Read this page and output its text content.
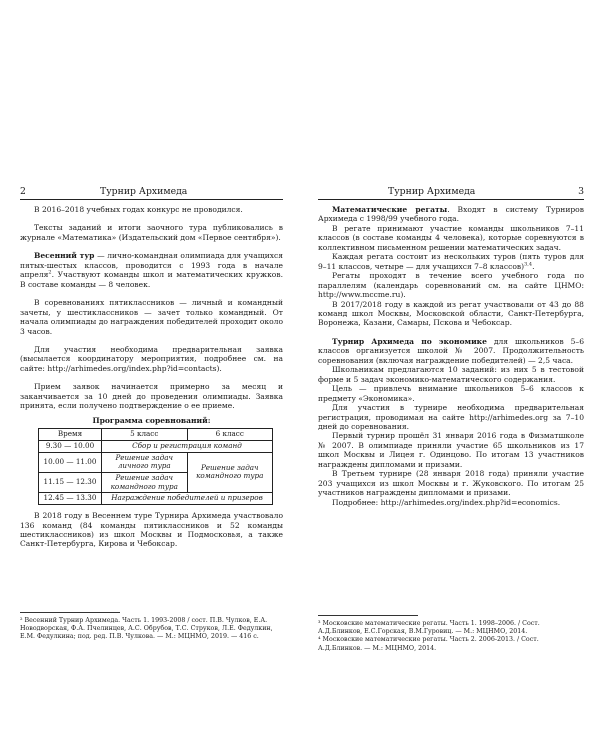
2	Турнир Архимеда

В 2016–2018 учебных годах конкурс не проводился.

Тексты заданий и итоги заочного тура публиковались в журнале «Математика» (Издательский дом «Первое сентября»).

Весенний тур — лично-командная олимпиада для учащихся пятых-шестых классов, проводится с 1993 года в начале апреля$^2$. Участвуют команды школ и математических кружков. В составе команды — 8 человек.

В соревнованиях пятиклассников — личный и командный зачеты, у шестиклассников — зачет только командный. От начала олимпиады до награждения победителей проходит около 3 часов.

Для участия необходима предварительная заявка (высылается координатору мероприятия, подробнее см. на сайте: http://arhimedes.org/index.php?id=contacts).

Прием заявок начинается примерно за месяц и заканчивается за 10 дней до проведения олимпиады. Заявка принята, если получено подтверждение о ее приеме.

Программа соревнований:

Время	5 класс	6 класс
9.30 — 10.00	Сбор и регистрация команд	
10.00 — 11.00	Решение задач личного тура	Решение задач командного тура
11.15 — 12.30	Решение задач командного тура	
12.45 — 13.30	Награждение победителей и призеров	

В 2018 году в Весеннем туре Турнира Архимеда участвовало 136 команд (84 команды пятиклассников и 52 команды шестиклассников) из школ Москвы и Подмосковья, а также Санкт-Петербурга, Кирова и Чебоксар.

² Весенний Турнир Архимеда. Часть 1. 1993-2008 / сост. П.В. Чулков, Е.А. Новодворская, Ф.А. Пчелинцев, А.С. Обрубов, Т.С. Струков, Л.Е. Федулкин, Е.М. Федулкина; под. ред. П.В. Чулкова. — М.: МЦНМО, 2019. — 416 с.

Турнир Архимеда	3

Математические регаты. Входят в систему Турниров Архимеда с 1998/99 учебного года.

В регате принимают участие команды школьников 7–11 классов (в составе команды 4 человека), которые соревнуются в коллективном письменном решении математических задач.

Каждая регата состоит из нескольких туров (пять туров для 9–11 классов, четыре — для учащихся 7–8 классов)$^{3,4}$.

Регаты проходят в течение всего учебного года по параллелям (календарь соревнований см. на сайте ЦНМО: http://www.mccme.ru).

В 2017/2018 году в каждой из регат участвовали от 43 до 88 команд школ Москвы, Московской области, Санкт-Петербурга, Воронежа, Казани, Самары, Пскова и Чебоксар.

Турнир Архимеда по экономике для школьников 5–6 классов организуется школой № 2007. Продолжительность соревнования (включая награждение победителей) — 2,5 часа.

Школьникам предлагаются 10 заданий: из них 5 в тестовой форме и 5 задач экономико-математического содержания.

Цель — привлечь внимание школьников 5–6 классов к предмету «Экономика».

Для участия в турнире необходима предварительная регистрация, проводимая на сайте http://arhimedes.org за 7–10 дней до соревнования.

Первый турнир прошёл 31 января 2016 года в Физматшколе № 2007. В олимпиаде приняли участие 65 школьников из 17 школ Москвы и Лицея г. Одинцово. По итогам 13 участников награждены дипломами и призами.

В Третьем турнире (28 января 2018 года) приняли участие 203 учащихся из школ Москвы и г. Жуковского. По итогам 25 участников награждены дипломами и призами.

Подробнее: http://arhimedes.org/index.php?id=economics.

³ Московские математические регаты. Часть 1. 1998–2006. / Сост. А.Д.Блинков, Е.С.Горская, В.М.Гуровиц. — М.: МЦНМО, 2014.

⁴ Московские математические регаты. Часть 2. 2006-2013. / Сост. А.Д.Блинков. — М.: МЦНМО, 2014.
